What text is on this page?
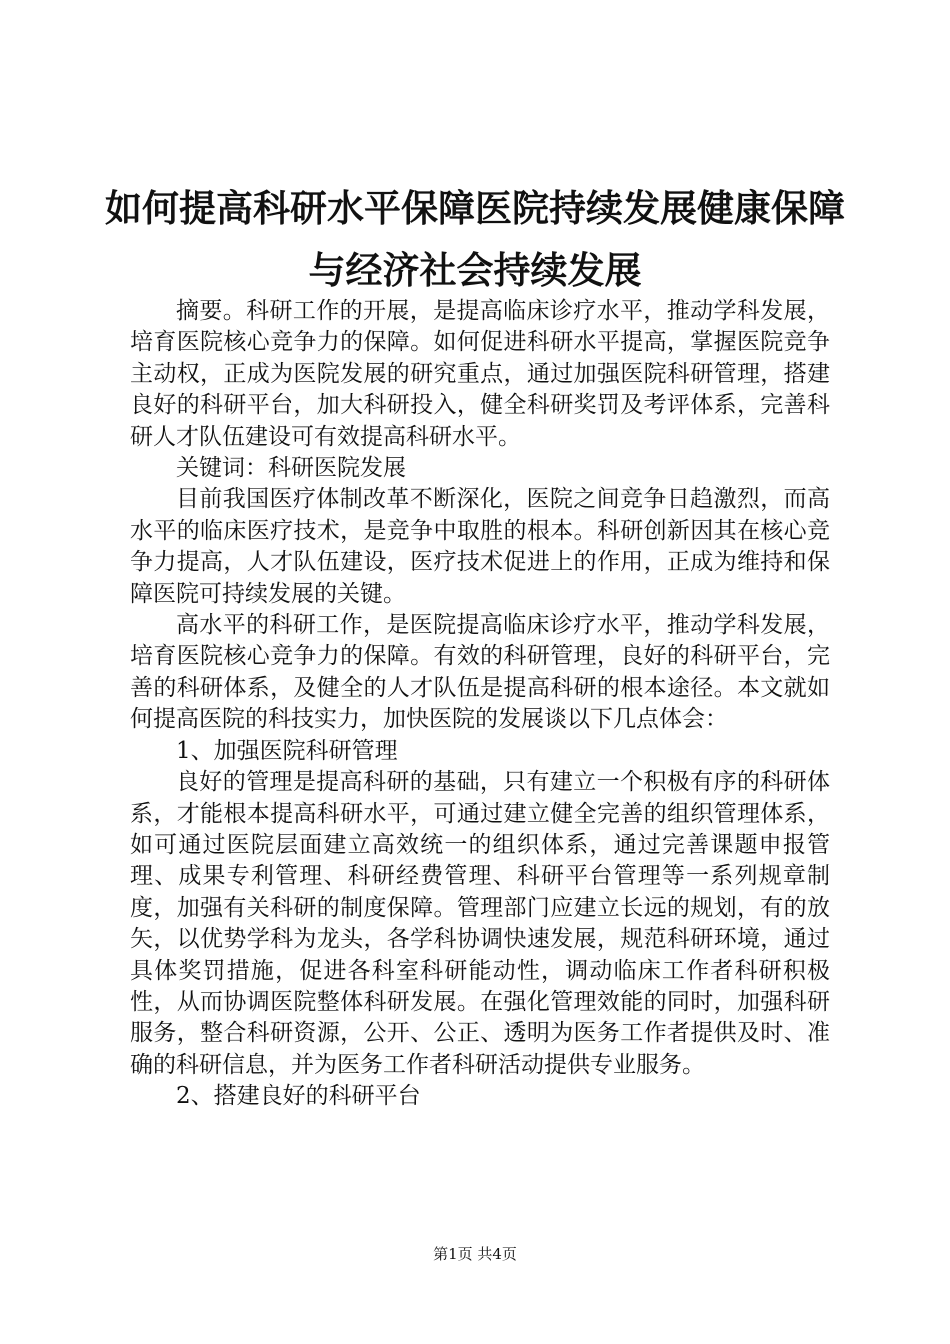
如何提高科研水平保障医院持续发展健康保障
与经济社会持续发展

摘要。科研工作的开展，是提高临床诊疗水平，推动学科发展，培育医院核心竞争力的保障。如何促进科研水平提高，掌握医院竞争主动权，正成为医院发展的研究重点，通过加强医院科研管理，搭建良好的科研平台，加大科研投入，健全科研奖罚及考评体系，完善科研人才队伍建设可有效提高科研水平。

关键词：科研医院发展

目前我国医疗体制改革不断深化，医院之间竞争日趋激烈，而高水平的临床医疗技术，是竞争中取胜的根本。科研创新因其在核心竞争力提高，人才队伍建设，医疗技术促进上的作用，正成为维持和保障医院可持续发展的关键。

高水平的科研工作，是医院提高临床诊疗水平，推动学科发展，培育医院核心竞争力的保障。有效的科研管理，良好的科研平台，完善的科研体系，及健全的人才队伍是提高科研的根本途径。本文就如何提高医院的科技实力，加快医院的发展谈以下几点体会：

1、加强医院科研管理

良好的管理是提高科研的基础，只有建立一个积极有序的科研体系，才能根本提高科研水平，可通过建立健全完善的组织管理体系，如可通过医院层面建立高效统一的组织体系，通过完善课题申报管理、成果专利管理、科研经费管理、科研平台管理等一系列规章制度，加强有关科研的制度保障。管理部门应建立长远的规划，有的放矢，以优势学科为龙头，各学科协调快速发展，规范科研环境，通过具体奖罚措施，促进各科室科研能动性，调动临床工作者科研积极性，从而协调医院整体科研发展。在强化管理效能的同时，加强科研服务，整合科研资源，公开、公正、透明为医务工作者提供及时、准确的科研信息，并为医务工作者科研活动提供专业服务。

2、搭建良好的科研平台

第1页 共4页
